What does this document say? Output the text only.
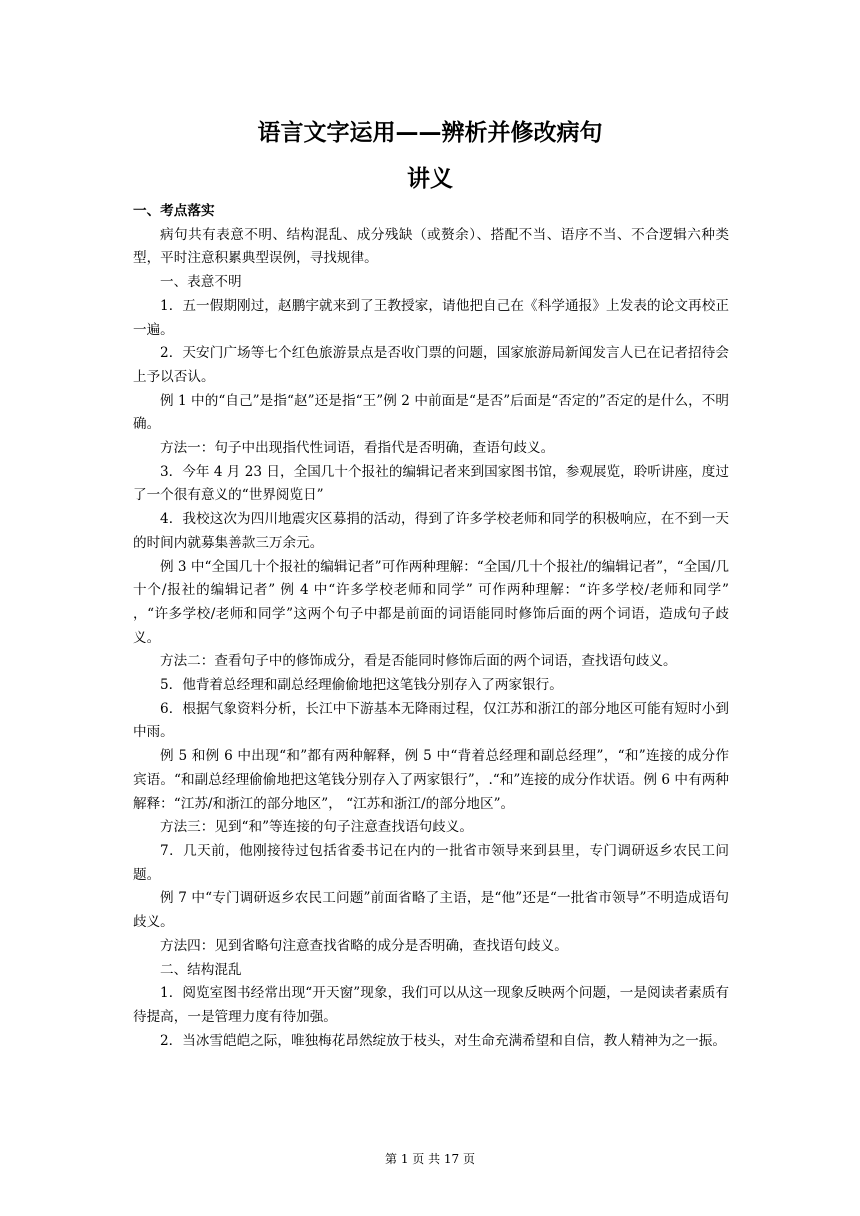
语言文字运用——辨析并修改病句
讲义

一、考点落实

病句共有表意不明、结构混乱、成分残缺（或赘余）、搭配不当、语序不当、不合逻辑六种类型，平时注意积累典型误例，寻找规律。

一、表意不明

1．五一假期刚过，赵鹏宇就来到了王教授家，请他把自己在《科学通报》上发表的论文再校正一遍。

2．天安门广场等七个红色旅游景点是否收门票的问题，国家旅游局新闻发言人已在记者招待会上予以否认。

例 1 中的“自己”是指“赵”还是指“王”例 2 中前面是“是否”后面是“否定的”否定的是什么，不明确。

方法一：句子中出现指代性词语，看指代是否明确，查语句歧义。

3．今年 4 月 23 日，全国几十个报社的编辑记者来到国家图书馆，参观展览，聆听讲座，度过了一个很有意义的“世界阅览日”

4．我校这次为四川地震灾区募捐的活动，得到了许多学校老师和同学的积极响应，在不到一天的时间内就募集善款三万余元。

例 3 中“全国几十个报社的编辑记者”可作两种理解：“全国/几十个报社/的编辑记者”，“全国/几十个/报社的编辑记者” 例 4 中“许多学校老师和同学” 可作两种理解：“许多学校/老师和同学” ，“许多学校/老师和同学”这两个句子中都是前面的词语能同时修饰后面的两个词语，造成句子歧义。

方法二：查看句子中的修饰成分，看是否能同时修饰后面的两个词语，查找语句歧义。

5．他背着总经理和副总经理偷偷地把这笔钱分别存入了两家银行。

6．根据气象资料分析，长江中下游基本无降雨过程，仅江苏和浙江的部分地区可能有短时小到中雨。

例 5 和例 6 中出现“和”都有两种解释，例 5 中“背着总经理和副总经理”，“和”连接的成分作宾语。“和副总经理偷偷地把这笔钱分别存入了两家银行”，.“和”连接的成分作状语。例 6 中有两种解释：“江苏/和浙江的部分地区”， “江苏和浙江/的部分地区”。

方法三：见到“和”等连接的句子注意查找语句歧义。

7．几天前，他刚接待过包括省委书记在内的一批省市领导来到县里，专门调研返乡农民工问题。

例 7 中“专门调研返乡农民工问题”前面省略了主语，是“他”还是“一批省市领导”不明造成语句歧义。

方法四：见到省略句注意查找省略的成分是否明确，查找语句歧义。

二、结构混乱

1．阅览室图书经常出现“开天窗”现象，我们可以从这一现象反映两个问题，一是阅读者素质有待提高，一是管理力度有待加强。

2．当冰雪皑皑之际，唯独梅花昂然绽放于枝头，对生命充满希望和自信，教人精神为之一振。

第 1 页 共 17 页
